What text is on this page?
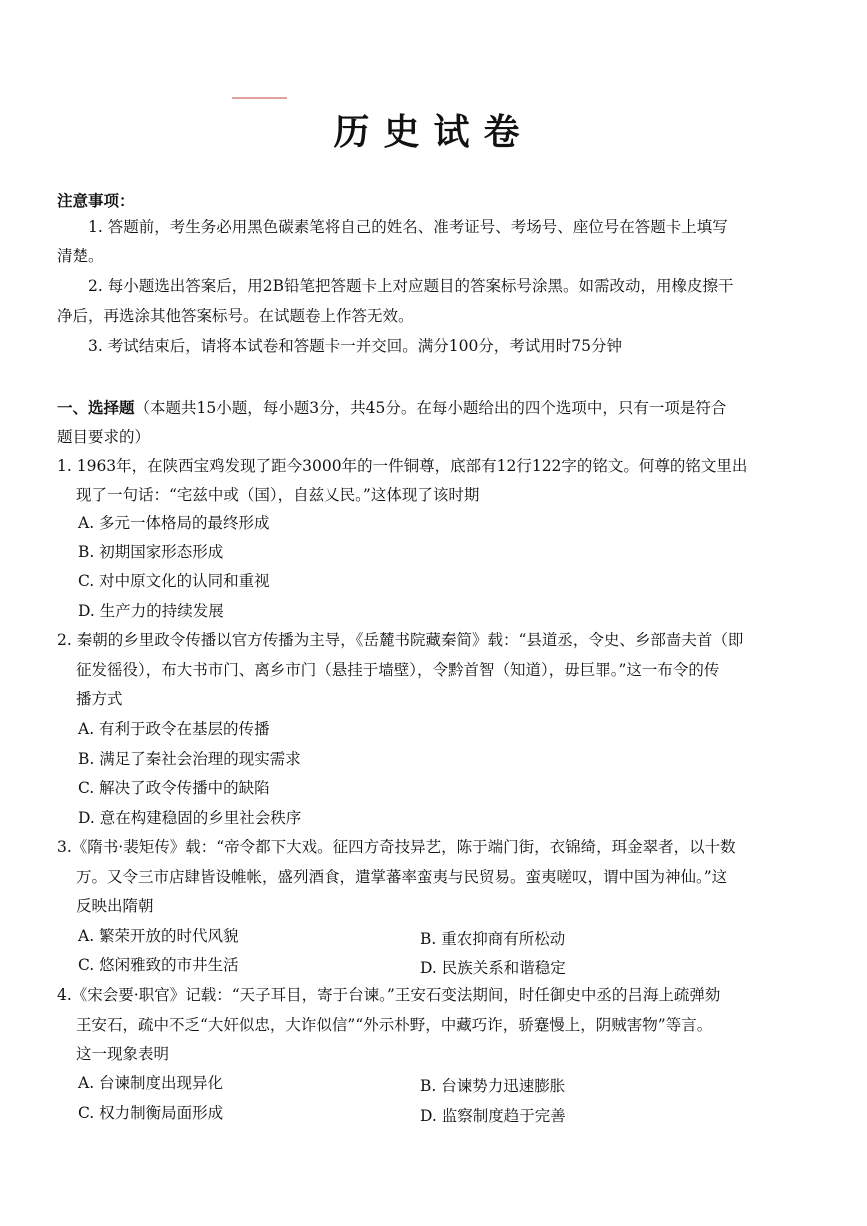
历史试卷
注意事项：
1. 答题前，考生务必用黑色碳素笔将自己的姓名、准考证号、考场号、座位号在答题卡上填写
清楚。
2. 每小题选出答案后，用2B铅笔把答题卡上对应题目的答案标号涂黑。如需改动，用橡皮擦干
净后，再选涂其他答案标号。在试题卷上作答无效。
3. 考试结束后，请将本试卷和答题卡一并交回。满分100分，考试用时75分钟
一、选择题（本题共15小题，每小题3分，共45分。在每小题给出的四个选项中，只有一项是符合
题目要求的）
1. 1963年，在陕西宝鸡发现了距今3000年的一件铜尊，底部有12行122字的铭文。何尊的铭文里出
现了一句话：“宅兹中或（国），自兹乂民。”这体现了该时期
A. 多元一体格局的最终形成
B. 初期国家形态形成
C. 对中原文化的认同和重视
D. 生产力的持续发展
2. 秦朝的乡里政令传播以官方传播为主导，《岳麓书院藏秦简》载：“县道丞，令史、乡部啬夫首（即
征发徭役），布大书市门、离乡市门（悬挂于墙壁），令黔首智（知道），毋巨罪。”这一布令的传
播方式
A. 有利于政令在基层的传播
B. 满足了秦社会治理的现实需求
C. 解决了政令传播中的缺陷
D. 意在构建稳固的乡里社会秩序
3.《隋书·裴矩传》载：“帝令都下大戏。征四方奇技异艺，陈于端门街，衣锦绮，珥金翠者，以十数
万。又令三市店肆皆设帷帐，盛列酒食，遣掌蕃率蛮夷与民贸易。蛮夷嗟叹，谓中国为神仙。”这
反映出隋朝
A. 繁荣开放的时代风貌	B. 重农抑商有所松动
C. 悠闲雅致的市井生活	D. 民族关系和谐稳定
4.《宋会要·职官》记载：“天子耳目，寄于台谏。”王安石变法期间，时任御史中丞的吕海上疏弹劾
王安石，疏中不乏“大奸似忠，大诈似信”“外示朴野，中藏巧诈，骄蹇慢上，阴贼害物”等言。
这一现象表明
A. 台谏制度出现异化	B. 台谏势力迅速膨胀
C. 权力制衡局面形成	D. 监察制度趋于完善
